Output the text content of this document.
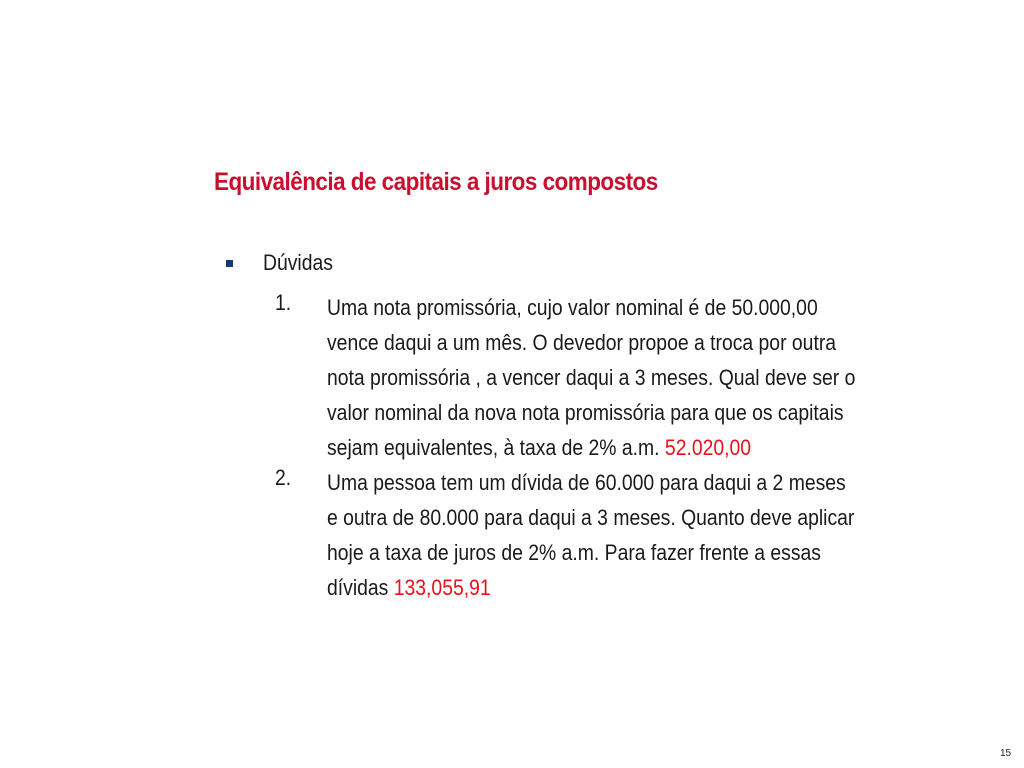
Equivalência de capitais a juros compostos
Dúvidas
1. Uma nota promissória, cujo valor nominal é de 50.000,00
vence daqui a um mês. O devedor propoe a troca por outra
nota promissória , a vencer daqui a 3 meses. Qual deve ser o
valor nominal da nova nota promissória para que os capitais
sejam equivalentes, à taxa de 2% a.m. 52.020,00
2. Uma pessoa tem um dívida de 60.000 para daqui a 2 meses
e outra de 80.000 para daqui a 3 meses. Quanto deve aplicar
hoje a taxa de juros de 2% a.m. Para fazer frente a essas
dívidas 133,055,91
15
